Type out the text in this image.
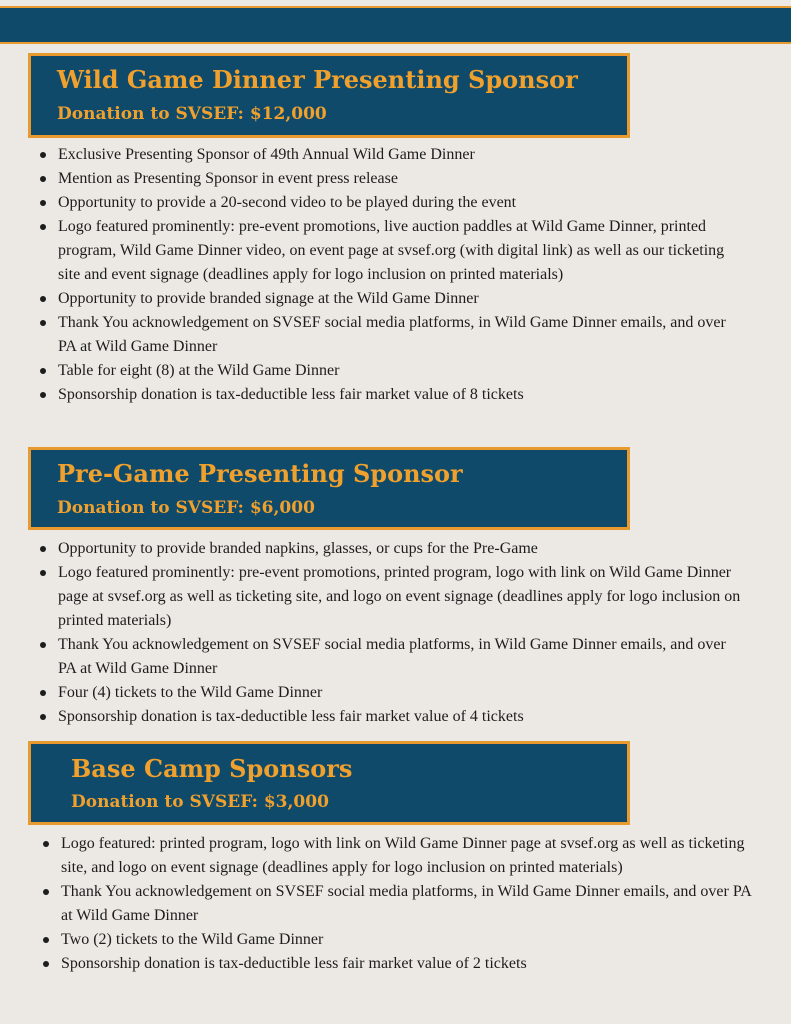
Wild Game Dinner Presenting Sponsor
Donation to SVSEF: $12,000
Exclusive Presenting Sponsor of 49th Annual Wild Game Dinner
Mention as Presenting Sponsor in event press release
Opportunity to provide a 20-second video to be played during the event
Logo featured prominently: pre-event promotions, live auction paddles at Wild Game Dinner, printed program, Wild Game Dinner video, on event page at svsef.org (with digital link) as well as our ticketing site and event signage (deadlines apply for logo inclusion on printed materials)
Opportunity to provide branded signage at the Wild Game Dinner
Thank You acknowledgement on SVSEF social media platforms, in Wild Game Dinner emails, and over PA at Wild Game Dinner
Table for eight (8) at the Wild Game Dinner
Sponsorship donation is tax-deductible less fair market value of 8 tickets
Pre-Game Presenting Sponsor
Donation to SVSEF: $6,000
Opportunity to provide branded napkins, glasses, or cups for the Pre-Game
Logo featured prominently: pre-event promotions, printed program, logo with link on Wild Game Dinner page at svsef.org as well as ticketing site, and logo on event signage (deadlines apply for logo inclusion on printed materials)
Thank You acknowledgement on SVSEF social media platforms, in Wild Game Dinner emails, and over PA at Wild Game Dinner
Four (4) tickets to the Wild Game Dinner
Sponsorship donation is tax-deductible less fair market value of 4 tickets
Base Camp Sponsors
Donation to SVSEF: $3,000
Logo featured: printed program, logo with link on Wild Game Dinner page at svsef.org as well as ticketing site, and logo on event signage (deadlines apply for logo inclusion on printed materials)
Thank You acknowledgement on SVSEF social media platforms, in Wild Game Dinner emails, and over PA at Wild Game Dinner
Two (2) tickets to the Wild Game Dinner
Sponsorship donation is tax-deductible less fair market value of 2 tickets
